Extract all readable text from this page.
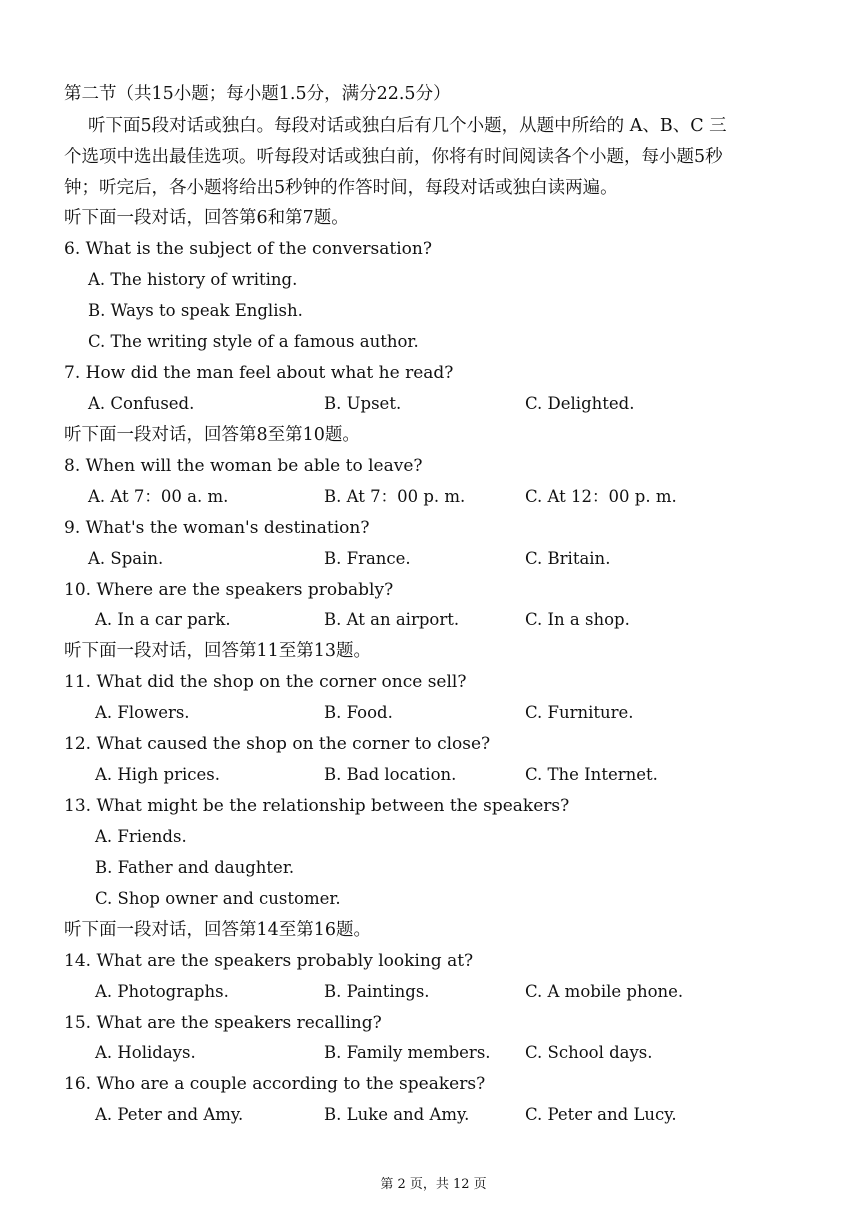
第二节（共15小题；每小题1.5分，满分22.5分）
听下面5段对话或独白。每段对话或独白后有几个小题，从题中所给的 A、B、C 三
个选项中选出最佳选项。听每段对话或独白前，你将有时间阅读各个小题，每小题5秒
钟；听完后，各小题将给出5秒钟的作答时间，每段对话或独白读两遍。
听下面一段对话，回答第6和第7题。
6. What is the subject of the conversation?
A. The history of writing.
B. Ways to speak English.
C. The writing style of a famous author.
7. How did the man feel about what he read?
A. Confused.	B. Upset.	C. Delighted.
听下面一段对话，回答第8至第10题。
8. When will the woman be able to leave?
A. At 7：00 a. m.	B. At 7：00 p. m.	C. At 12：00 p. m.
9. What's the woman's destination?
A. Spain.	B. France.	C. Britain.
10. Where are the speakers probably?
A. In a car park.	B. At an airport.	C. In a shop.
听下面一段对话，回答第11至第13题。
11. What did the shop on the corner once sell?
A. Flowers.	B. Food.	C. Furniture.
12. What caused the shop on the corner to close?
A. High prices.	B. Bad location.	C. The Internet.
13. What might be the relationship between the speakers?
A. Friends.
B. Father and daughter.
C. Shop owner and customer.
听下面一段对话，回答第14至第16题。
14. What are the speakers probably looking at?
A. Photographs.	B. Paintings.	C. A mobile phone.
15. What are the speakers recalling?
A. Holidays.	B. Family members. C. School days.
16. Who are a couple according to the speakers?
A. Peter and Amy.	B. Luke and Amy.	C. Peter and Lucy.
第 2 页，共 12 页
